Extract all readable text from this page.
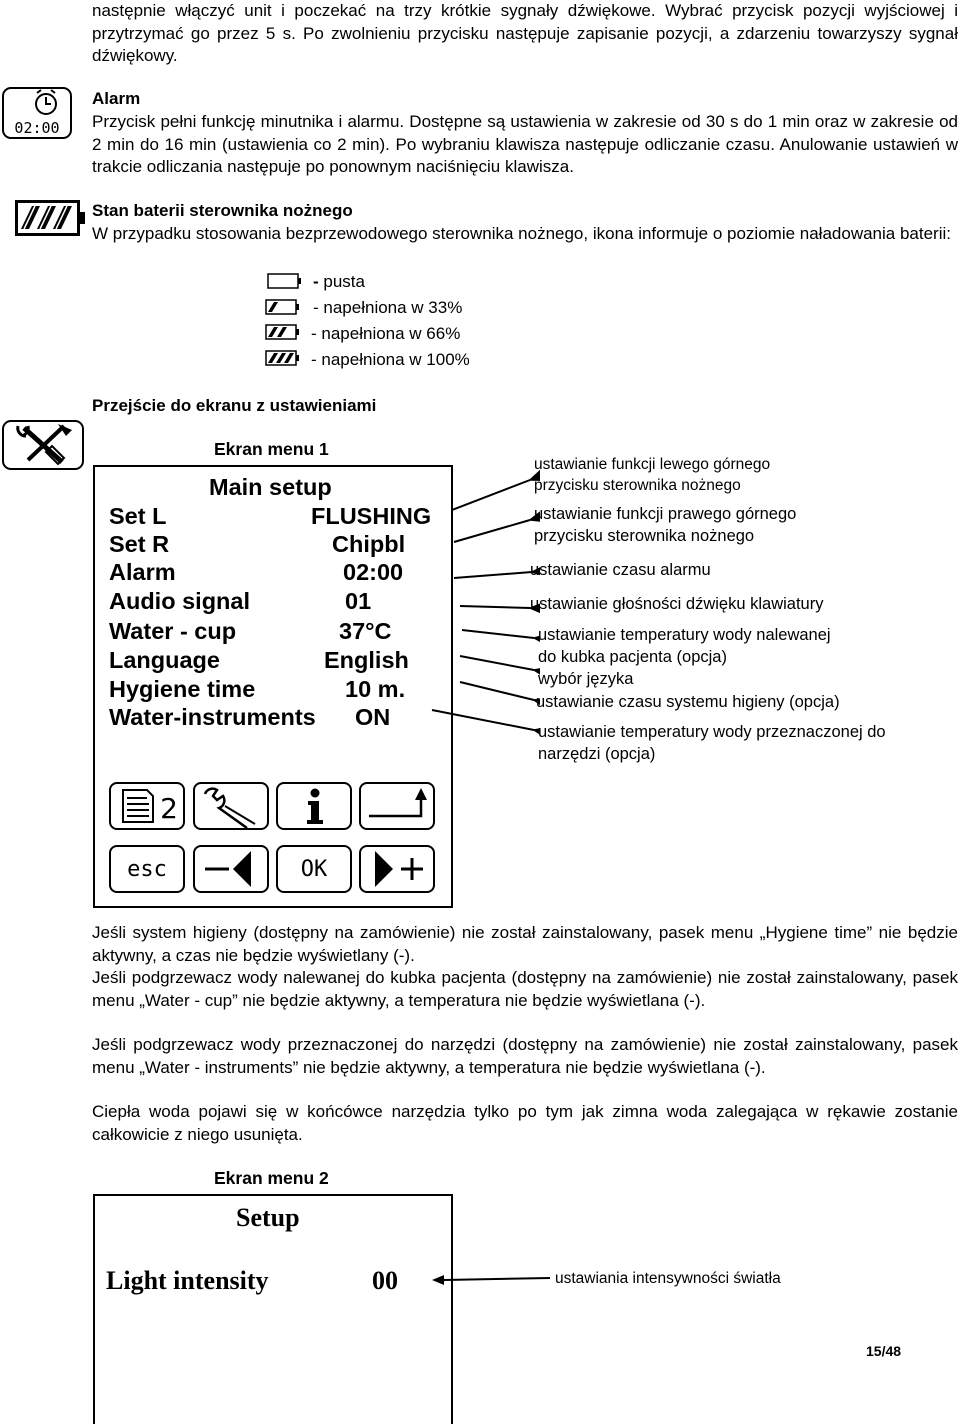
następnie włączyć unit i poczekać na trzy krótkie sygnały dźwiękowe. Wybrać przycisk pozycji wyjściowej i przytrzymać go przez 5 s. Po zwolnieniu przycisku następuje zapisanie pozycji, a zdarzeniu towarzyszy sygnał dźwiękowy.

02:00
Alarm

Przycisk pełni funkcję minutnika i alarmu. Dostępne są ustawienia w zakresie od 30 s do 1 min oraz w zakresie od 2 min do 16 min (ustawienia co 2 min). Po wybraniu klawisza następuje odliczanie czasu. Anulowanie ustawień w trakcie odliczania następuje po ponownym naciśnięciu klawisza.

Stan baterii sterownika nożnego

W przypadku stosowania bezprzewodowego sterownika nożnego, ikona informuje o poziomie naładowania baterii:

- pusta
- napełniona w 33%
- napełniona w 66%
- napełniona w 100%
Przejście do ekranu z ustawieniami
Ekran menu 1
Main setup
Set L	FLUSHING
Set R	Chipbl
Alarm	02:00
Audio signal	01
Water - cup	37°C
Language	English
Hygiene time	10 m.
Water-instruments ON
2
esc	OK
ustawianie funkcji lewego górnego
przycisku sterownika nożnego
ustawianie funkcji prawego górnego
przycisku sterownika nożnego
ustawianie czasu alarmu
ustawianie głośności dźwięku klawiatury
ustawianie temperatury wody nalewanej
do kubka pacjenta (opcja)
wybór języka
ustawianie czasu systemu higieny (opcja)
ustawianie temperatury wody przeznaczonej do
narzędzi (opcja)

Jeśli system higieny (dostępny na zamówienie) nie został zainstalowany, pasek menu „Hygiene time” nie będzie aktywny, a czas nie będzie wyświetlany (-).

Jeśli podgrzewacz wody nalewanej do kubka pacjenta (dostępny na zamówienie) nie został zainstalowany, pasek menu „Water - cup” nie będzie aktywny, a temperatura nie będzie wyświetlana (-).

Jeśli podgrzewacz wody przeznaczonej do narzędzi (dostępny na zamówienie) nie został zainstalowany, pasek menu „Water - instruments” nie będzie aktywny, a temperatura nie będzie wyświetlana (-).

Ciepła woda pojawi się w końcówce narzędzia tylko po tym jak zimna woda zalegająca w rękawie zostanie całkowicie z niego usunięta.

Ekran menu 2
Setup
Light intensity	00	ustawiania intensywności światła
15/48
